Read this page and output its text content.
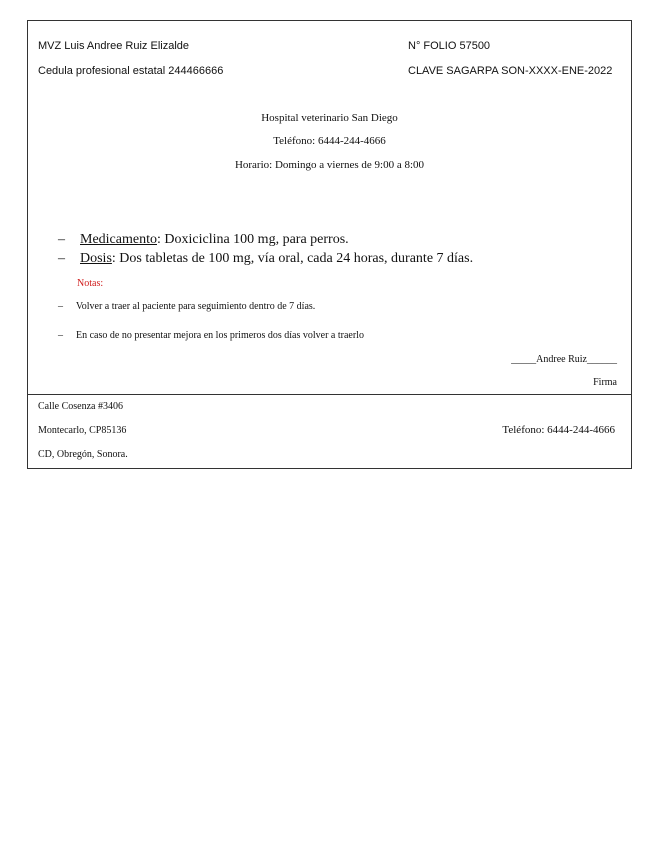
MVZ Luis Andree Ruiz Elizalde
Cedula profesional estatal 244466666
N° FOLIO 57500
CLAVE SAGARPA SON-XXXX-ENE-2022
Hospital veterinario San Diego
Teléfono: 6444-244-4666
Horario: Domingo a viernes de 9:00 a 8:00
– Medicamento: Doxiciclina 100 mg, para perros.
– Dosis: Dos tabletas de 100 mg, vía oral, cada 24 horas, durante 7 días.
Notas:
– Volver a traer al paciente para seguimiento dentro de 7 días.
– En caso de no presentar mejora en los primeros dos días volver a traerlo
_____Andree Ruiz______
Firma
Calle Cosenza #3406
Montecarlo, CP85136
CD, Obregón, Sonora.
Teléfono: 6444-244-4666
